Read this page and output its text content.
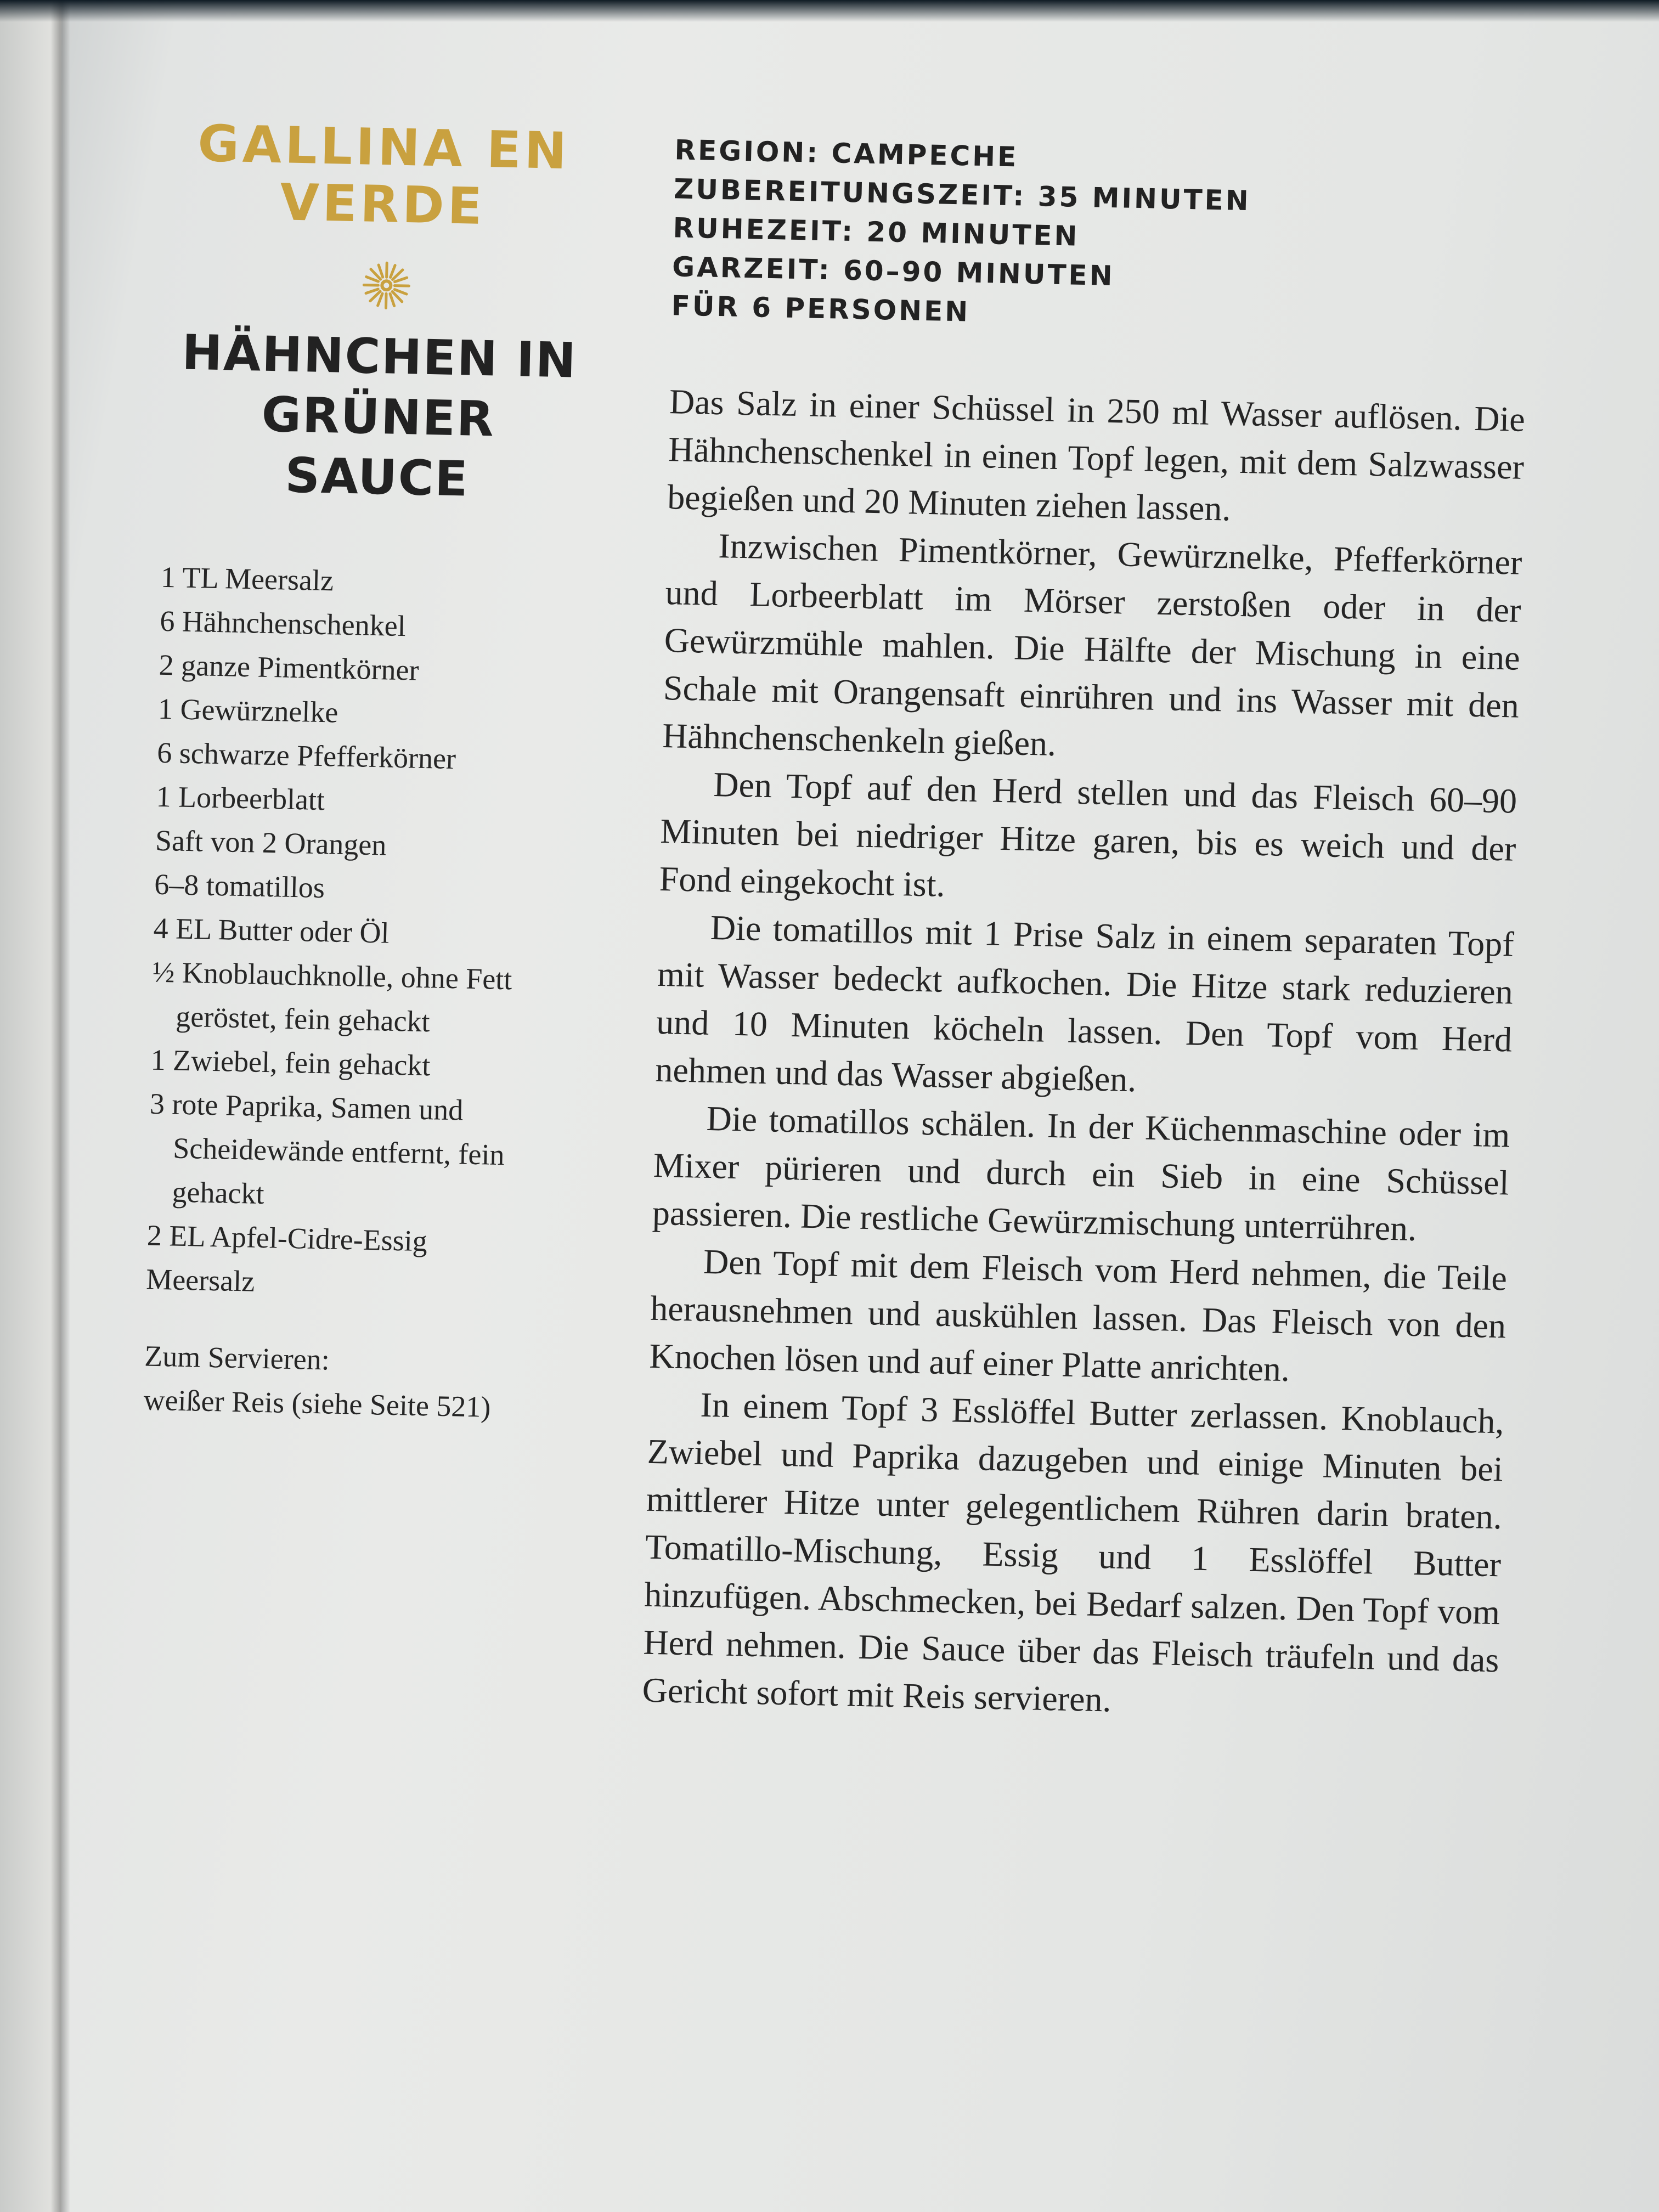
GALLINA EN VERDE
HÄHNCHEN IN GRÜNER SAUCE
1 TL Meersalz
6 Hähnchenschenkel
2 ganze Pimentkörner
1 Gewürznelke
6 schwarze Pfefferkörner
1 Lorbeerblatt
Saft von 2 Orangen
6–8 tomatillos
4 EL Butter oder Öl
½ Knoblauchknolle, ohne Fett
geröstet, fein gehackt
1 Zwiebel, fein gehackt
3 rote Paprika, Samen und
Scheidewände entfernt, fein
gehackt
2 EL Apfel-Cidre-Essig
Meersalz
Zum Servieren:
weißer Reis (siehe Seite 521)
REGION: CAMPECHE
ZUBEREITUNGSZEIT: 35 MINUTEN
RUHEZEIT: 20 MINUTEN
GARZEIT: 60–90 MINUTEN
FÜR 6 PERSONEN

Das Salz in einer Schüssel in 250 ml Wasser auflösen. Die Hähnchenschenkel in einen Topf legen, mit dem Salzwasser begießen und 20 Minuten ziehen lassen.

Inzwischen Pimentkörner, Gewürznelke, Pfefferkörner und Lorbeerblatt im Mörser zerstoßen oder in der Gewürzmühle mahlen. Die Hälfte der Mischung in eine Schale mit Orangensaft einrühren und ins Wasser mit den Hähnchenschenkeln gießen.

Den Topf auf den Herd stellen und das Fleisch 60–90 Minuten bei niedriger Hitze garen, bis es weich und der Fond eingekocht ist.

Die tomatillos mit 1 Prise Salz in einem separaten Topf mit Wasser bedeckt aufkochen. Die Hitze stark reduzieren und 10 Minuten köcheln lassen. Den Topf vom Herd nehmen und das Wasser abgießen.

Die tomatillos schälen. In der Küchenmaschine oder im Mixer pürieren und durch ein Sieb in eine Schüssel passieren. Die restliche Gewürzmischung unterrühren.

Den Topf mit dem Fleisch vom Herd nehmen, die Teile herausnehmen und auskühlen lassen. Das Fleisch von den Knochen lösen und auf einer Platte anrichten.

In einem Topf 3 Esslöffel Butter zerlassen. Knoblauch, Zwiebel und Paprika dazugeben und einige Minuten bei mittlerer Hitze unter gelegentlichem Rühren darin braten. Tomatillo-Mischung, Essig und 1 Esslöffel Butter hinzufügen. Abschmecken, bei Bedarf salzen. Den Topf vom Herd nehmen. Die Sauce über das Fleisch träufeln und das Gericht sofort mit Reis servieren.
